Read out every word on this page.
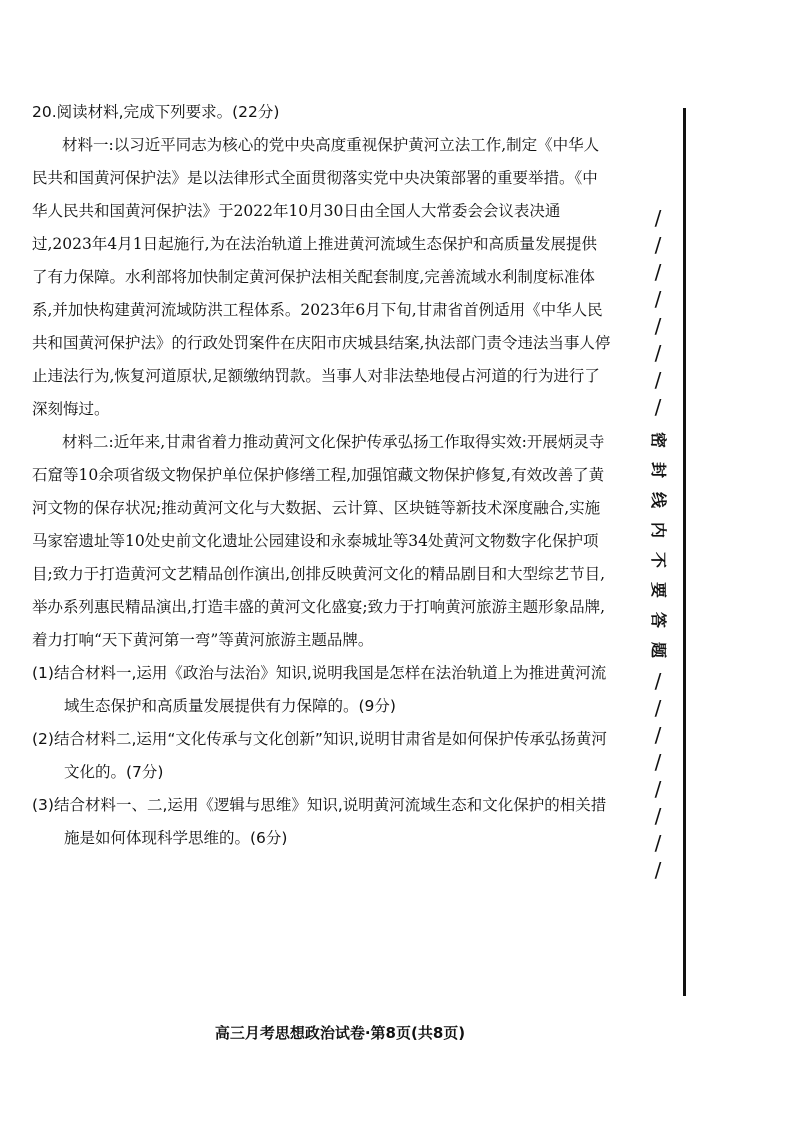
20.阅读材料,完成下列要求。(22分)
材料一:以习近平同志为核心的党中央高度重视保护黄河立法工作,制定《中华人民共和国黄河保护法》是以法律形式全面贯彻落实党中央决策部署的重要举措。《中华人民共和国黄河保护法》于2022年10月30日由全国人大常委会会议表决通过,2023年4月1日起施行,为在法治轨道上推进黄河流域生态保护和高质量发展提供了有力保障。水利部将加快制定黄河保护法相关配套制度,完善流域水利制度标准体系,并加快构建黄河流域防洪工程体系。2023年6月下旬,甘肃省首例适用《中华人民共和国黄河保护法》的行政处罚案件在庆阳市庆城县结案,执法部门责令违法当事人停止违法行为,恢复河道原状,足额缴纳罚款。当事人对非法垫地侵占河道的行为进行了深刻悔过。
材料二:近年来,甘肃省着力推动黄河文化保护传承弘扬工作取得实效:开展炳灵寺石窟等10余项省级文物保护单位保护修缮工程,加强馆藏文物保护修复,有效改善了黄河文物的保存状况;推动黄河文化与大数据、云计算、区块链等新技术深度融合,实施马家窑遗址等10处史前文化遗址公园建设和永泰城址等34处黄河文物数字化保护项目;致力于打造黄河文艺精品创作演出,创排反映黄河文化的精品剧目和大型综艺节目,举办系列惠民精品演出,打造丰盛的黄河文化盛宴;致力于打响黄河旅游主题形象品牌,着力打响“天下黄河第一弯”等黄河旅游主题品牌。
(1)结合材料一,运用《政治与法治》知识,说明我国是怎样在法治轨道上为推进黄河流域生态保护和高质量发展提供有力保障的。(9分)
(2)结合材料二,运用“文化传承与文化创新”知识,说明甘肃省是如何保护传承弘扬黄河文化的。(7分)
(3)结合材料一、二,运用《逻辑与思维》知识,说明黄河流域生态和文化保护的相关措施是如何体现科学思维的。(6分)
/
/
/
/
/
/
/
/
密
封
线
内
不
要
答
题
/
/
/
/
/
/
/
/
高三月考思想政治试卷·第8页(共8页)
